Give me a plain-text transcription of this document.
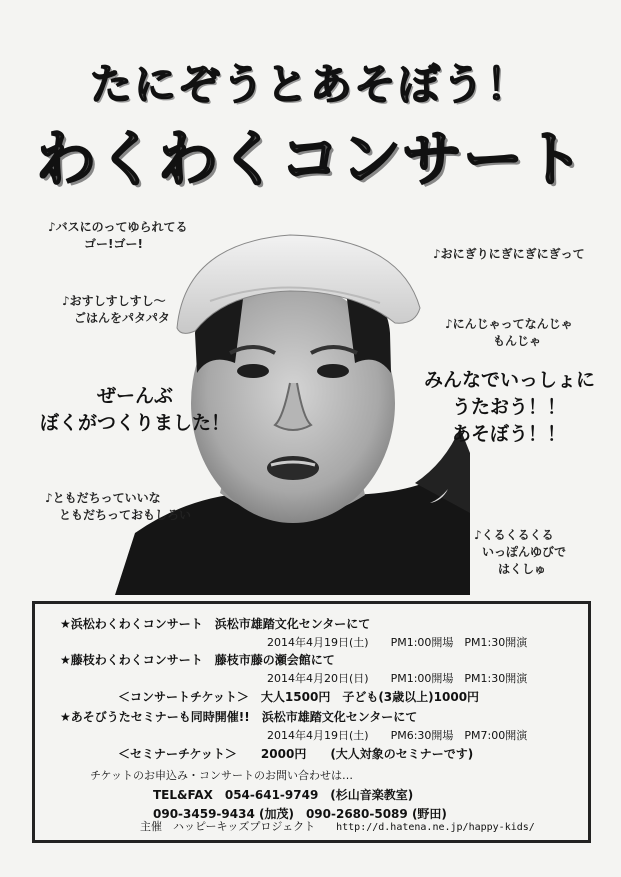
たにぞうとあそぼう！
わくわくコンサート
♪バスにのってゆられてる
ゴー!ゴー!
♪おすしすしすし～
ごはんをパタパタ
♪ともだちっていいな
ともだちっておもしろい
♪おにぎりにぎにぎにぎって
♪にんじゃってなんじゃ
もんじゃ
♪くるくるくる
いっぽんゆびで
はくしゅ
ぜーんぶ
ぼくがつくりました！
みんなでいっしょに
うたおう！！
あそぼう！！
★浜松わくわくコンサート　浜松市雄踏文化センターにて
2014年4月19日(土)　　PM1:00開場　PM1:30開演
★藤枝わくわくコンサート　藤枝市藤の瀬会館にて
2014年4月20日(日)　　PM1:00開場　PM1:30開演
＜コンサートチケット＞　大人1500円　子ども(3歳以上)1000円
★あそびうたセミナーも同時開催!!　浜松市雄踏文化センターにて
2014年4月19日(土)　　PM6:30開場　PM7:00開演
＜セミナーチケット＞　　2000円　　(大人対象のセミナーです)
チケットのお申込み・コンサートのお問い合わせは…
TEL&FAX　054-641-9749　(杉山音楽教室)
090-3459-9434 (加茂)　090-2680-5089 (野田)
主催　ハッピーキッズプロジェクト http://d.hatena.ne.jp/happy-kids/
